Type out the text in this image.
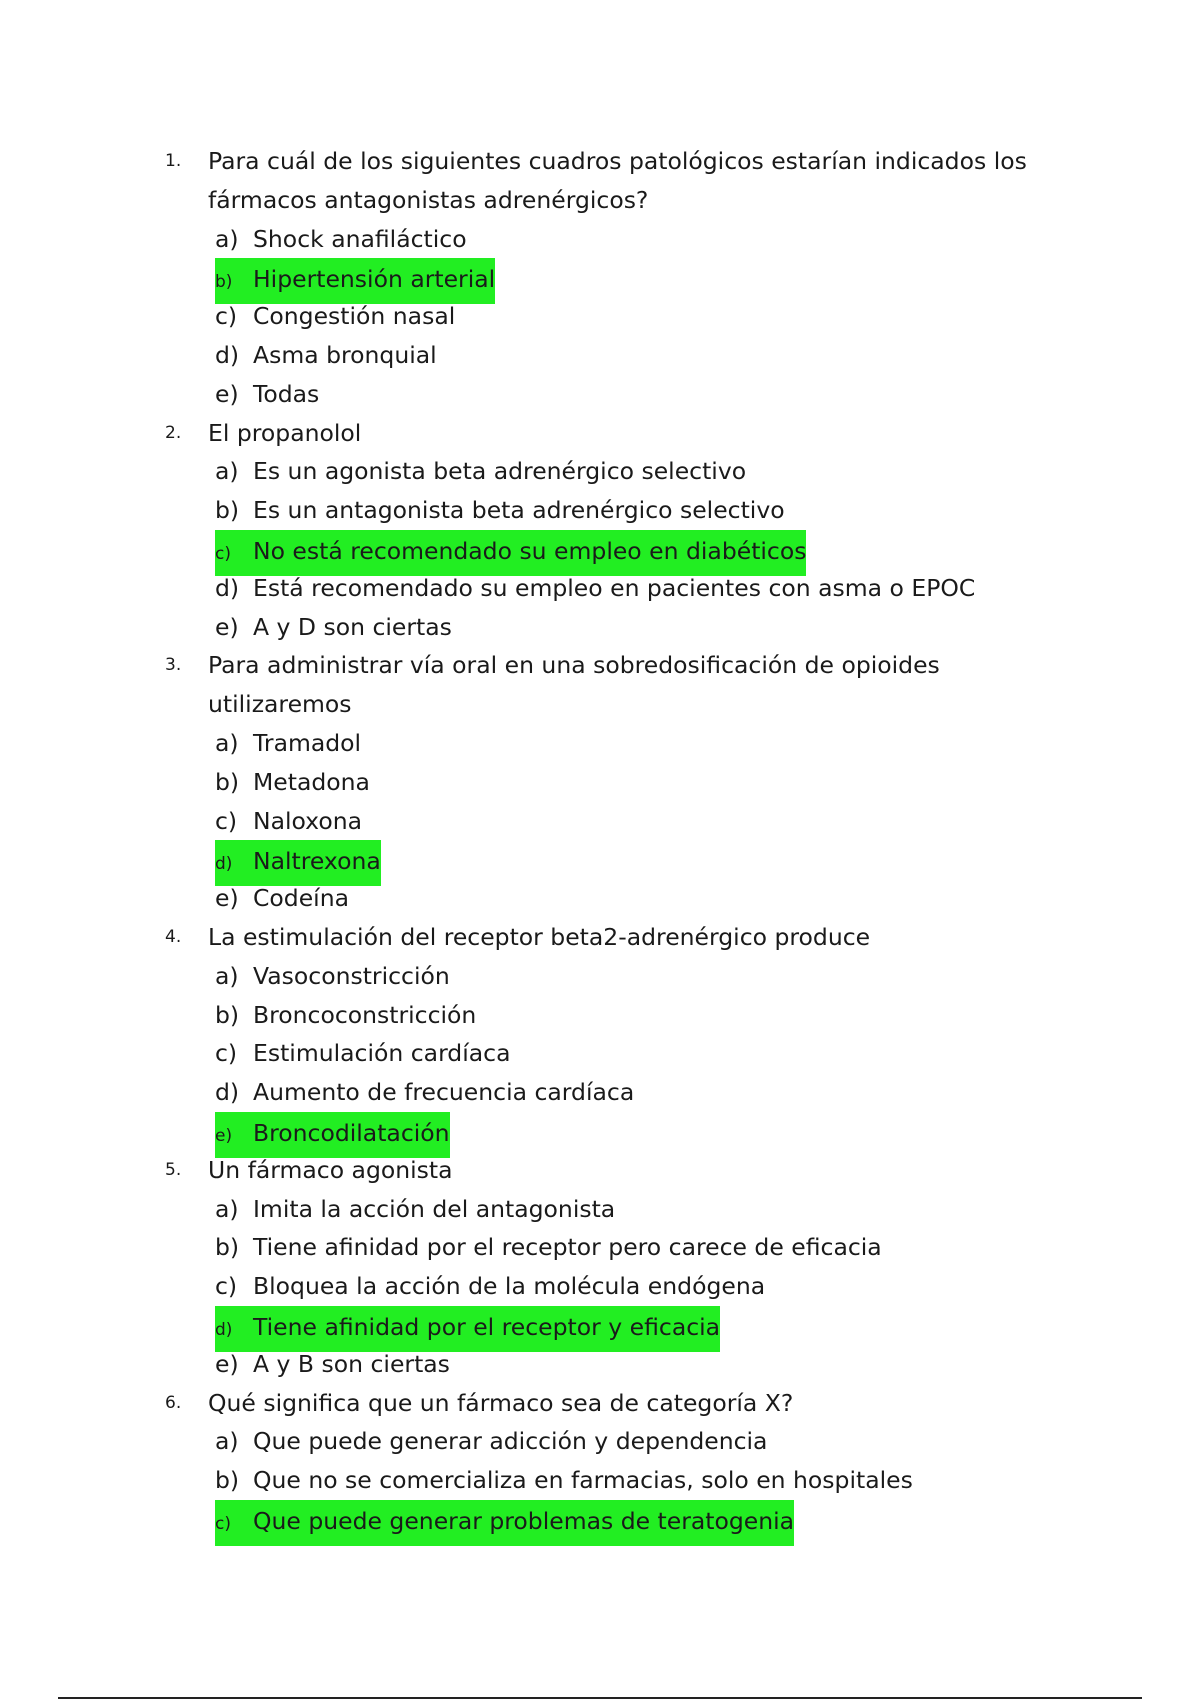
1.	Para cuál de los siguientes cuadros patológicos estarían indicados los
fármacos antagonistas adrenérgicos?
a) Shock anafiláctico
b) Hipertensión arterial
c) Congestión nasal
d) Asma bronquial
e) Todas
2.	El propanolol
a) Es un agonista beta adrenérgico selectivo
b) Es un antagonista beta adrenérgico selectivo
c) No está recomendado su empleo en diabéticos
d) Está recomendado su empleo en pacientes con asma o EPOC
e) A y D son ciertas
3.	Para administrar vía oral en una sobredosificación de opioides
utilizaremos
a) Tramadol
b) Metadona
c) Naloxona
d) Naltrexona
e) Codeína
4.	La estimulación del receptor beta2-adrenérgico produce
a) Vasoconstricción
b) Broncoconstricción
c) Estimulación cardíaca
d) Aumento de frecuencia cardíaca
e) Broncodilatación
5.	Un fármaco agonista
a) Imita la acción del antagonista
b) Tiene afinidad por el receptor pero carece de eficacia
c) Bloquea la acción de la molécula endógena
d) Tiene afinidad por el receptor y eficacia
e) A y B son ciertas
6.	Qué significa que un fármaco sea de categoría X?
a) Que puede generar adicción y dependencia
b) Que no se comercializa en farmacias, solo en hospitales
c) Que puede generar problemas de teratogenia
